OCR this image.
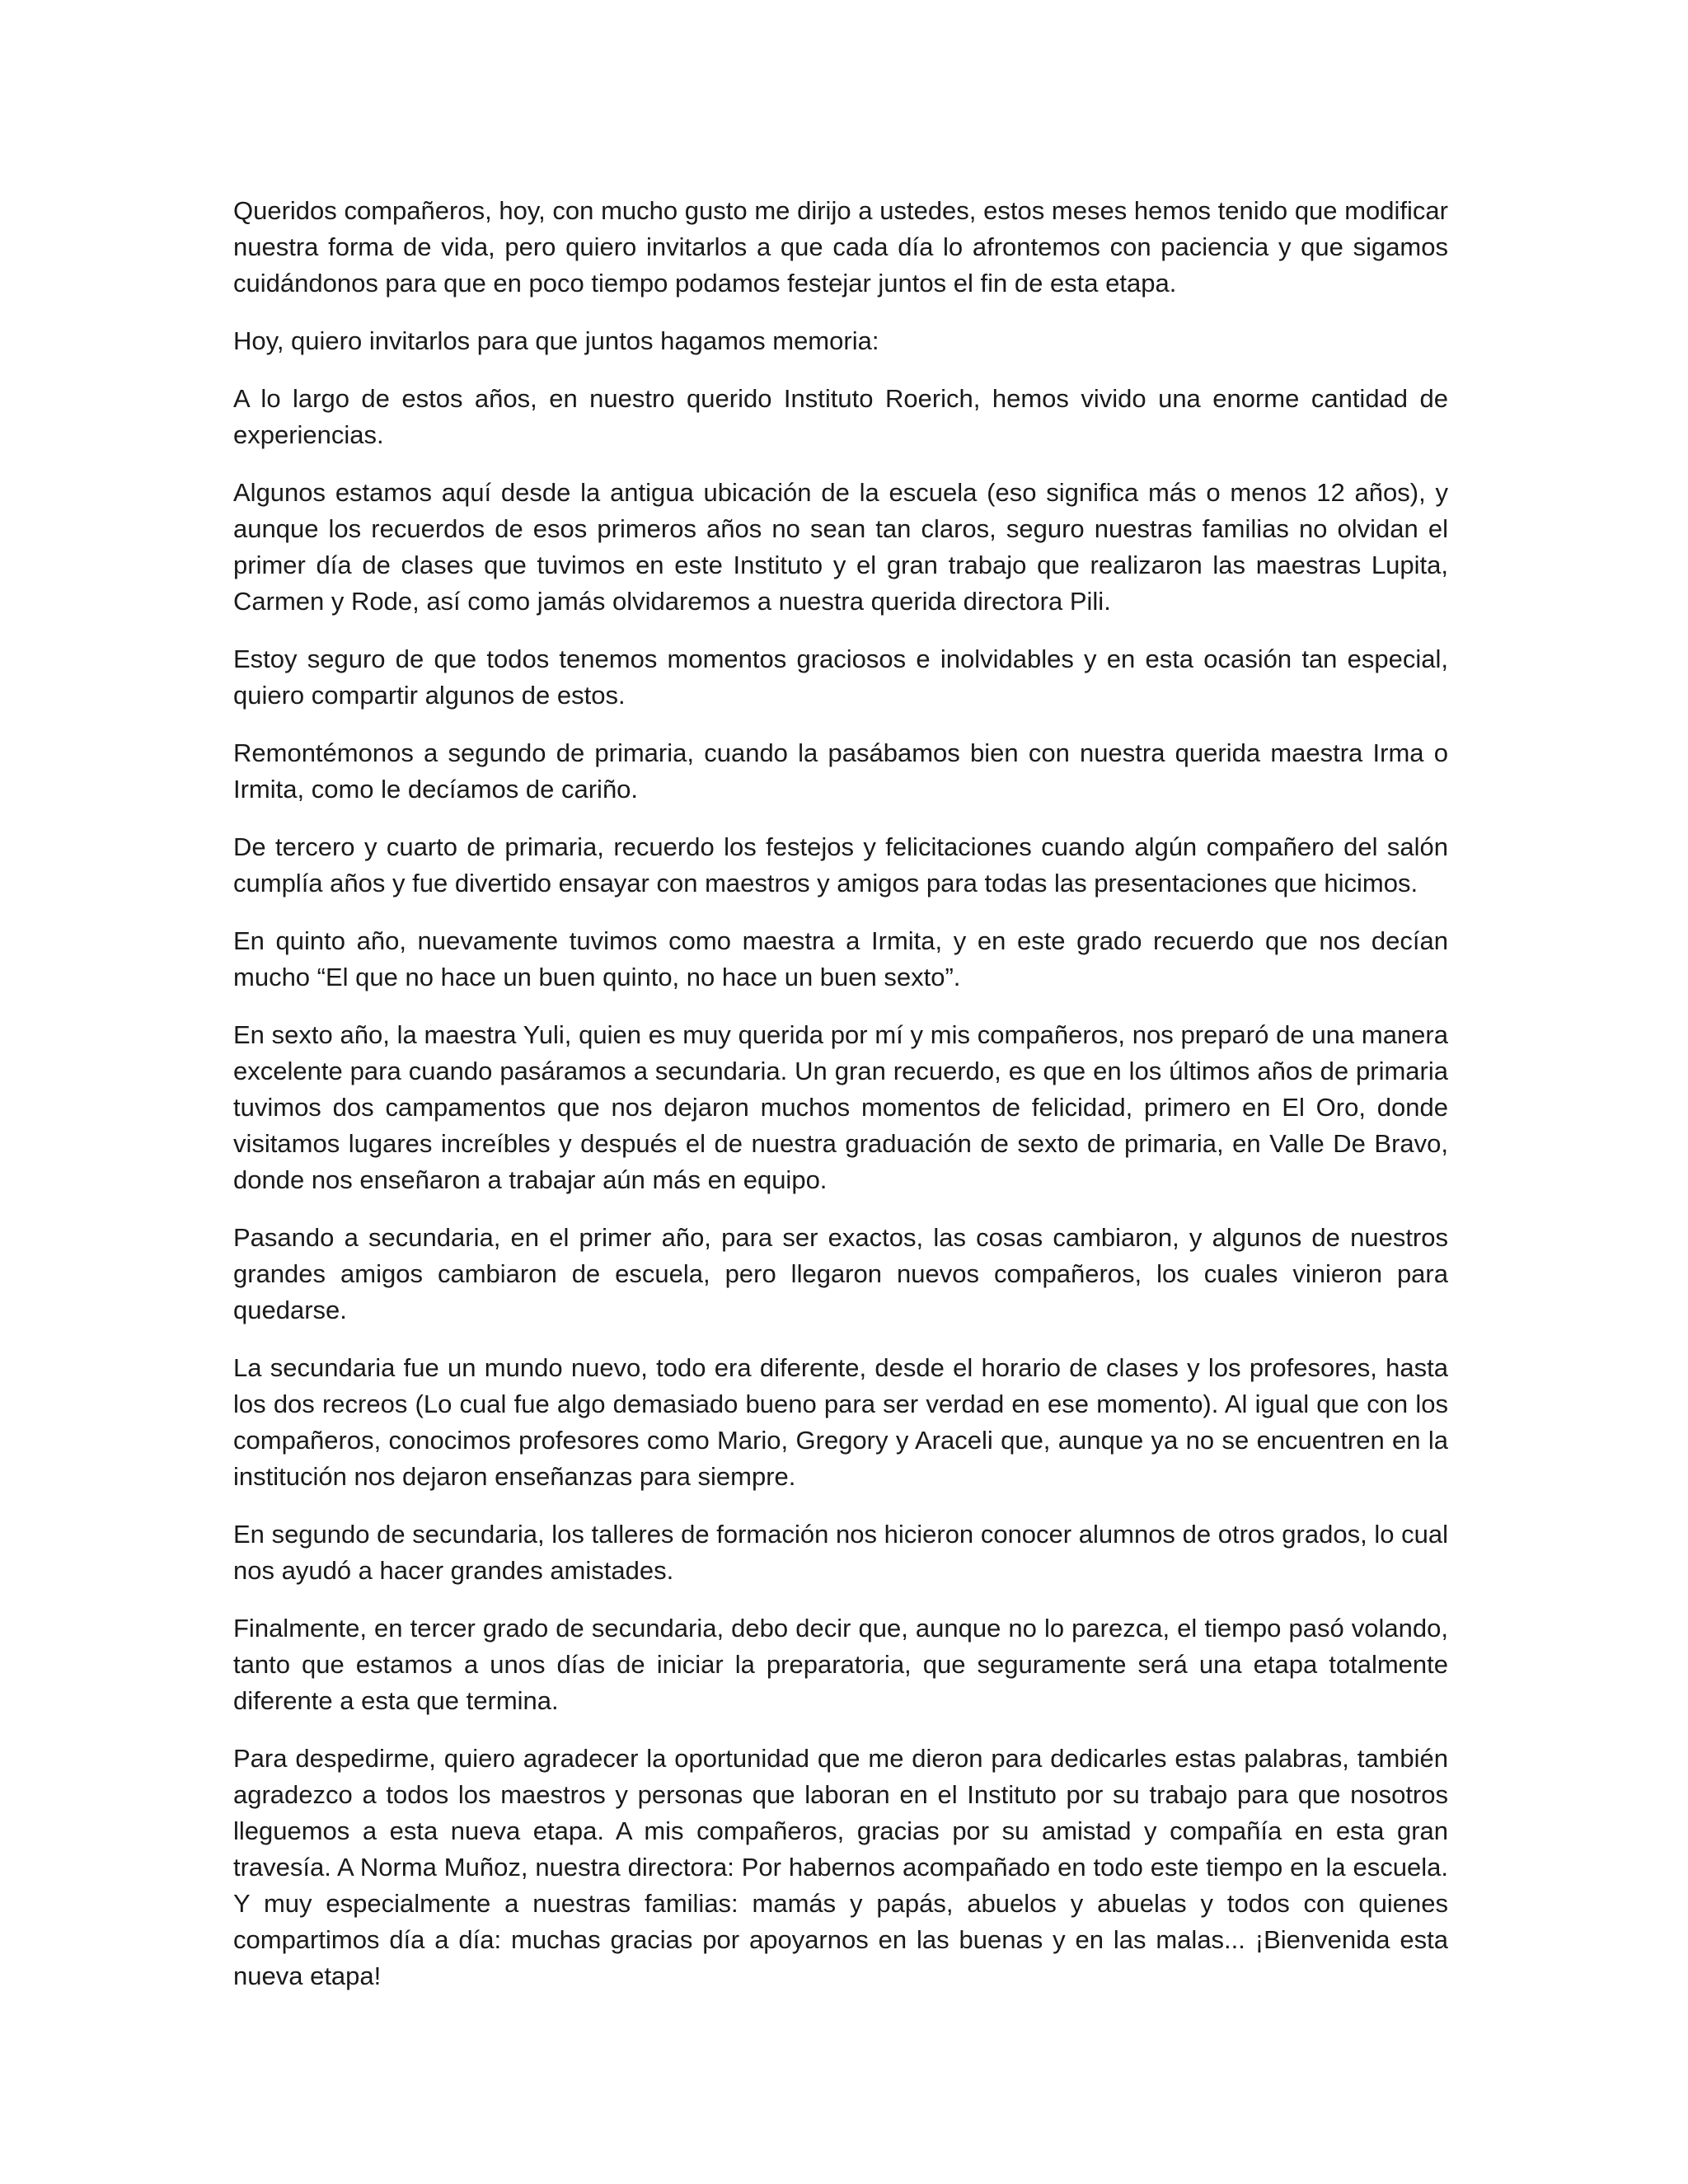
Queridos compañeros, hoy, con mucho gusto me dirijo a ustedes, estos meses hemos tenido que modificar nuestra forma de vida, pero quiero invitarlos a que cada día lo afrontemos con paciencia y que sigamos cuidándonos para que en poco tiempo podamos festejar juntos el fin de esta etapa.

Hoy, quiero invitarlos para que juntos hagamos memoria:

A lo largo de estos años, en nuestro querido Instituto Roerich, hemos vivido una enorme cantidad de experiencias.

Algunos estamos aquí desde la antigua ubicación de la escuela (eso significa más o menos 12 años), y aunque los recuerdos de esos primeros años no sean tan claros, seguro nuestras familias no olvidan el primer día de clases que tuvimos en este Instituto y el gran trabajo que realizaron las maestras Lupita, Carmen y Rode, así como jamás olvidaremos a nuestra querida directora Pili.

Estoy seguro de que todos tenemos momentos graciosos e inolvidables y en esta ocasión tan especial, quiero compartir algunos de estos.

Remontémonos a segundo de primaria, cuando la pasábamos bien con nuestra querida maestra Irma o Irmita, como le decíamos de cariño.

De tercero y cuarto de primaria, recuerdo los festejos y felicitaciones cuando algún compañero del salón cumplía años y fue divertido ensayar con maestros y amigos para todas las presentaciones que hicimos.

En quinto año, nuevamente tuvimos como maestra a Irmita, y en este grado recuerdo que nos decían mucho “El que no hace un buen quinto, no hace un buen sexto”.

En sexto año, la maestra Yuli, quien es muy querida por mí y mis compañeros, nos preparó de una manera excelente para cuando pasáramos a secundaria. Un gran recuerdo, es que en los últimos años de primaria tuvimos dos campamentos que nos dejaron muchos momentos de felicidad, primero en El Oro, donde visitamos lugares increíbles y después el de nuestra graduación de sexto de primaria, en Valle De Bravo, donde nos enseñaron a trabajar aún más en equipo.

Pasando a secundaria, en el primer año, para ser exactos, las cosas cambiaron, y algunos de nuestros grandes amigos cambiaron de escuela, pero llegaron nuevos compañeros, los cuales vinieron para quedarse.

La secundaria fue un mundo nuevo, todo era diferente, desde el horario de clases y los profesores, hasta los dos recreos (Lo cual fue algo demasiado bueno para ser verdad en ese momento). Al igual que con los compañeros, conocimos profesores como Mario, Gregory y Araceli que, aunque ya no se encuentren en la institución nos dejaron enseñanzas para siempre.

En segundo de secundaria, los talleres de formación nos hicieron conocer alumnos de otros grados, lo cual nos ayudó a hacer grandes amistades.

Finalmente, en tercer grado de secundaria, debo decir que, aunque no lo parezca, el tiempo pasó volando, tanto que estamos a unos días de iniciar la preparatoria, que seguramente será una etapa totalmente diferente a esta que termina.

Para despedirme, quiero agradecer la oportunidad que me dieron para dedicarles estas palabras, también agradezco a todos los maestros y personas que laboran en el Instituto por su trabajo para que nosotros lleguemos a esta nueva etapa. A mis compañeros, gracias por su amistad y compañía en esta gran travesía. A Norma Muñoz, nuestra directora: Por habernos acompañado en todo este tiempo en la escuela. Y muy especialmente a nuestras familias: mamás y papás, abuelos y abuelas y todos con quienes compartimos día a día: muchas gracias por apoyarnos en las buenas y en las malas... ¡Bienvenida esta nueva etapa!
